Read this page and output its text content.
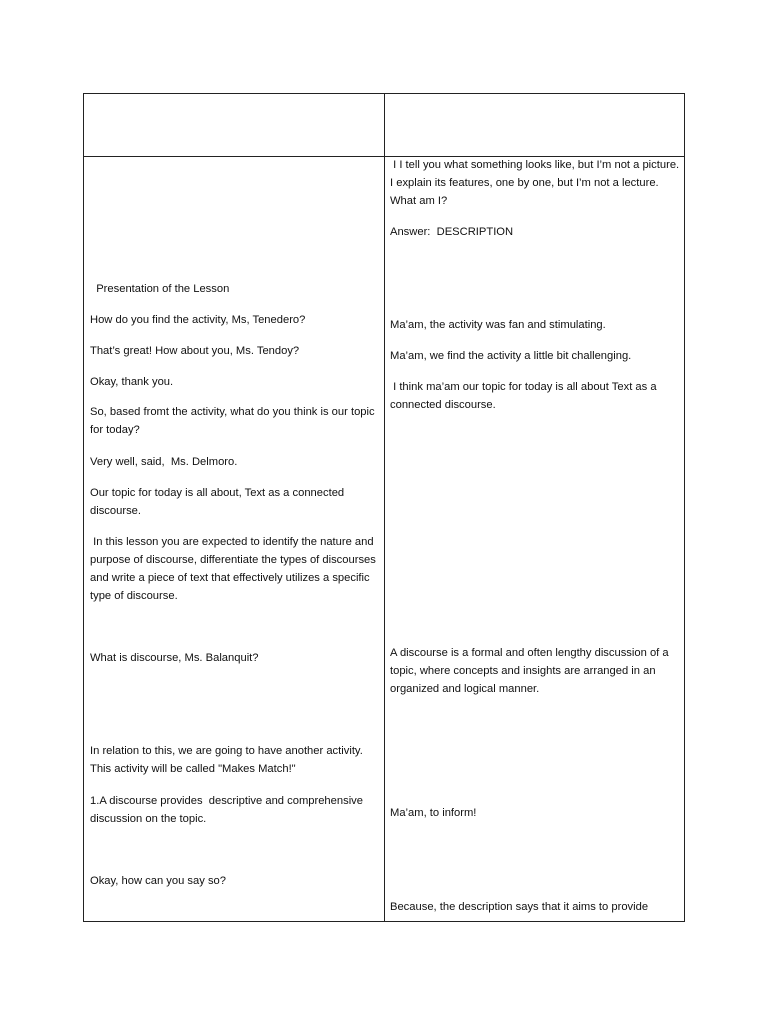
Presentation of the Lesson

How do you find the activity, Ms, Tenedero?

That’s great! How about you, Ms. Tendoy?

Okay, thank you.

So, based fromt the activity, what do you think is our topic for today?

Very well, said,  Ms. Delmoro.

Our topic for today is all about, Text as a connected discourse.

In this lesson you are expected to identify the nature and purpose of discourse, differentiate the types of discourses and write a piece of text that effectively utilizes a specific type of discourse.

What is discourse, Ms. Balanquit?

In relation to this, we are going to have another activity. This activity will be called "Makes Match!"

1.A discourse provides  descriptive and comprehensive discussion on the topic.

Okay, how can you say so?

I I tell you what something looks like, but I’m not a picture. I explain its features, one by one, but I’m not a lecture. What am I?

Answer:  DESCRIPTION

Ma’am, the activity was fan and stimulating.

Ma’am, we find the activity a little bit challenging.

I think ma’am our topic for today is all about Text as a connected discourse.

A discourse is a formal and often lengthy discussion of a topic, where concepts and insights are arranged in an organized and logical manner.

Ma’am, to inform!

Because, the description says that it aims to provide
